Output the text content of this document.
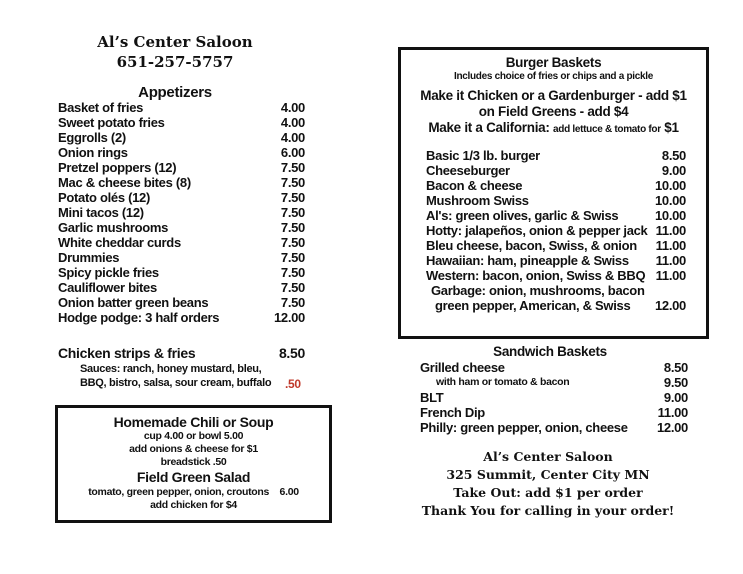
Al’s Center Saloon
651-257-5757
Appetizers
Basket of fries	4.00
Sweet potato fries	4.00
Eggrolls (2)	4.00
Onion rings	6.00
Pretzel poppers (12)	7.50
Mac & cheese bites (8)	7.50
Potato olés (12)	7.50
Mini tacos (12)	7.50
Garlic mushrooms	7.50
White cheddar curds	7.50
Drummies	7.50
Spicy pickle fries	7.50
Cauliflower bites	7.50
Onion batter green beans	7.50
Hodge podge: 3 half orders	12.00
Chicken strips & fries	8.50
Sauces: ranch, honey mustard, bleu,
BBQ, bistro, salsa, sour cream, buffalo .50
Homemade Chili or Soup
cup 4.00 or bowl 5.00
add onions & cheese for $1
breadstick .50
Field Green Salad
tomato, green pepper, onion, croutons 6.00
add chicken for $4
Burger Baskets
Includes choice of fries or chips and a pickle
Make it Chicken or a Gardenburger - add $1
on Field Greens - add $4
Make it a California: add lettuce & tomato for $1
Basic 1/3 lb. burger	8.50
Cheeseburger	9.00
Bacon & cheese	10.00
Mushroom Swiss	10.00
Al's: green olives, garlic & Swiss	10.00
Hotty: jalapeños, onion & pepper jack 11.00
Bleu cheese, bacon, Swiss, & onion 11.00
Hawaiian: ham, pineapple & Swiss 11.00
Western: bacon, onion, Swiss & BBQ 11.00
Garbage: onion, mushrooms, bacon
green pepper, American, & Swiss 12.00
Sandwich Baskets
Grilled cheese	8.50
with ham or tomato & bacon	9.50
BLT	9.00
French Dip	11.00
Philly: green pepper, onion, cheese 12.00
Al’s Center Saloon
325 Summit, Center City MN
Take Out: add $1 per order
Thank You for calling in your order!
